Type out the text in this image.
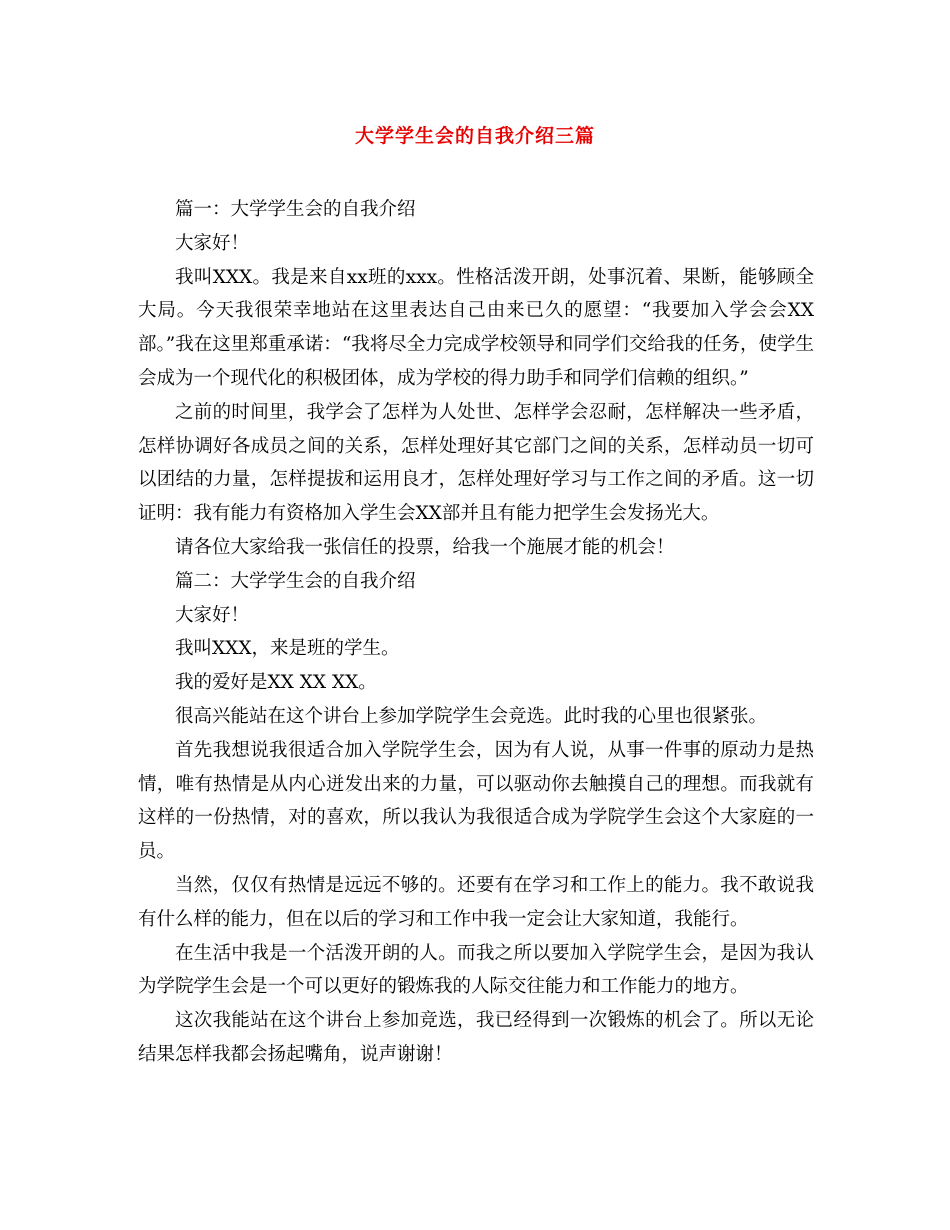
大学学生会的自我介绍三篇

篇一：大学学生会的自我介绍

大家好！

我叫XXX。我是来自xx班的xxx。性格活泼开朗，处事沉着、果断，能够顾全大局。今天我很荣幸地站在这里表达自己由来已久的愿望：“我要加入学会会XX部。”我在这里郑重承诺：“我将尽全力完成学校领导和同学们交给我的任务，使学生会成为一个现代化的积极团体，成为学校的得力助手和同学们信赖的组织。”

之前的时间里，我学会了怎样为人处世、怎样学会忍耐，怎样解决一些矛盾，怎样协调好各成员之间的关系，怎样处理好其它部门之间的关系，怎样动员一切可以团结的力量，怎样提拔和运用良才，怎样处理好学习与工作之间的矛盾。这一切证明：我有能力有资格加入学生会XX部并且有能力把学生会发扬光大。

请各位大家给我一张信任的投票，给我一个施展才能的机会！

篇二：大学学生会的自我介绍

大家好！

我叫XXX，来是班的学生。

我的爱好是XX XX XX。

很高兴能站在这个讲台上参加学院学生会竞选。此时我的心里也很紧张。

首先我想说我很适合加入学院学生会，因为有人说，从事一件事的原动力是热情，唯有热情是从内心迸发出来的力量，可以驱动你去触摸自己的理想。而我就有这样的一份热情，对的喜欢，所以我认为我很适合成为学院学生会这个大家庭的一员。

当然，仅仅有热情是远远不够的。还要有在学习和工作上的能力。我不敢说我有什么样的能力，但在以后的学习和工作中我一定会让大家知道，我能行。

在生活中我是一个活泼开朗的人。而我之所以要加入学院学生会，是因为我认为学院学生会是一个可以更好的锻炼我的人际交往能力和工作能力的地方。

这次我能站在这个讲台上参加竞选，我已经得到一次锻炼的机会了。所以无论结果怎样我都会扬起嘴角，说声谢谢！
